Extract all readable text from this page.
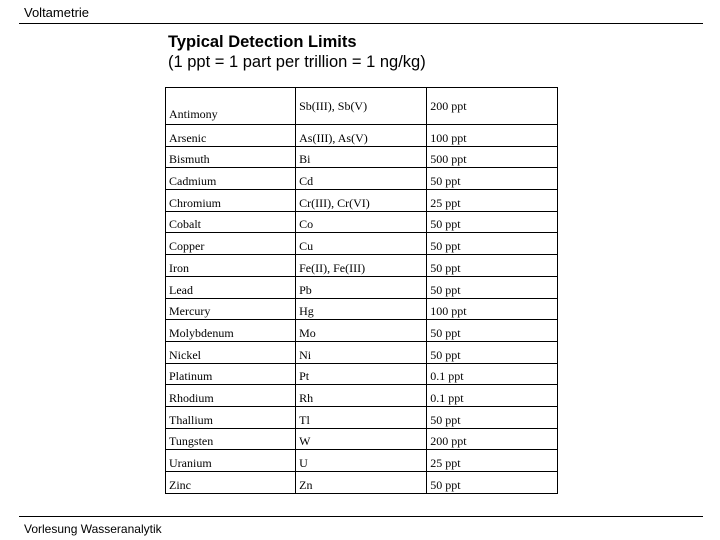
Voltametrie
Typical Detection Limits
(1 ppt = 1 part per trillion = 1 ng/kg)
Antimony	Sb(III), Sb(V)	200 ppt
Arsenic	As(III), As(V)	100 ppt
Bismuth	Bi	500 ppt
Cadmium	Cd	50 ppt
Chromium	Cr(III), Cr(VI)	25 ppt
Cobalt	Co	50 ppt
Copper	Cu	50 ppt
Iron	Fe(II), Fe(III)	50 ppt
Lead	Pb	50 ppt
Mercury	Hg	100 ppt
Molybdenum	Mo	50 ppt
Nickel	Ni	50 ppt
Platinum	Pt	0.1 ppt
Rhodium	Rh	0.1 ppt
Thallium	Tl	50 ppt
Tungsten	W	200 ppt
Uranium	U	25 ppt
Zinc	Zn	50 ppt
Vorlesung Wasseranalytik
